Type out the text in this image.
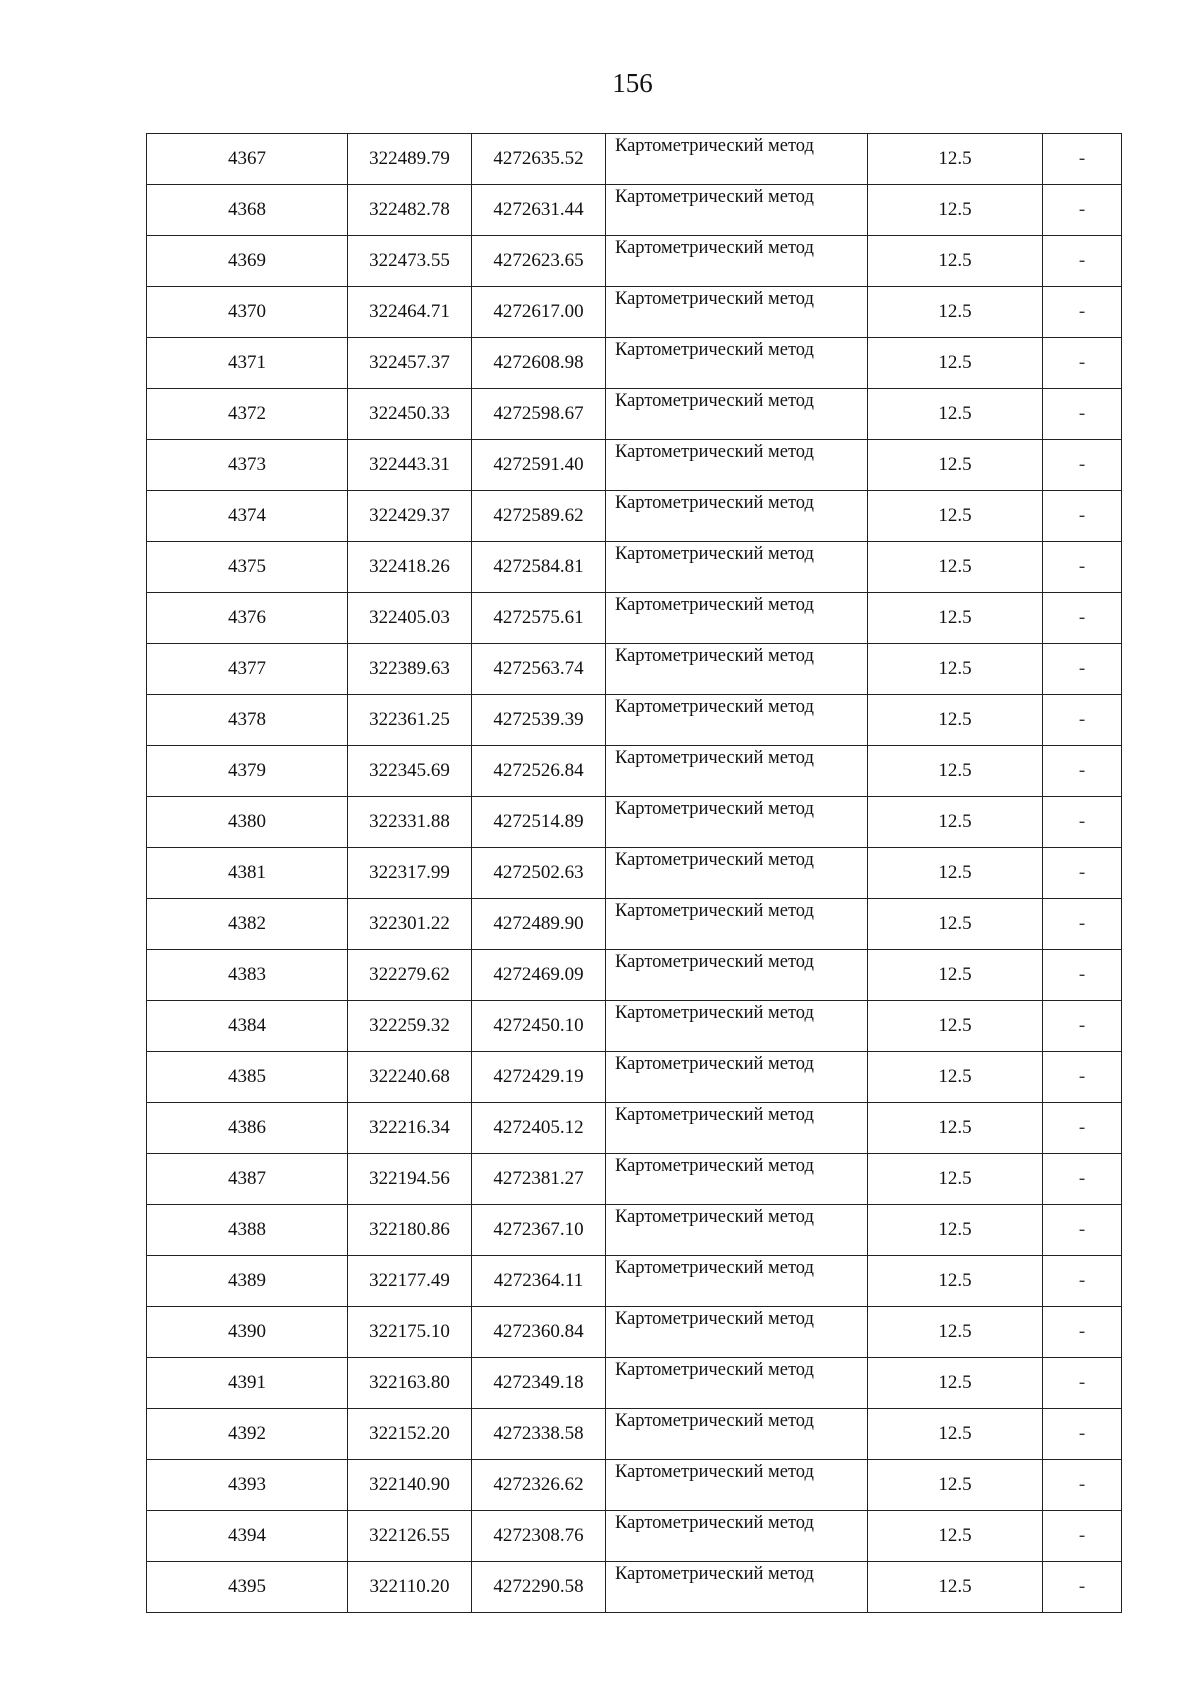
156
4367	322489.79	4272635.52	Картометрический метод	12.5	-
4368	322482.78	4272631.44	Картометрический метод	12.5	-
4369	322473.55	4272623.65	Картометрический метод	12.5	-
4370	322464.71	4272617.00	Картометрический метод	12.5	-
4371	322457.37	4272608.98	Картометрический метод	12.5	-
4372	322450.33	4272598.67	Картометрический метод	12.5	-
4373	322443.31	4272591.40	Картометрический метод	12.5	-
4374	322429.37	4272589.62	Картометрический метод	12.5	-
4375	322418.26	4272584.81	Картометрический метод	12.5	-
4376	322405.03	4272575.61	Картометрический метод	12.5	-
4377	322389.63	4272563.74	Картометрический метод	12.5	-
4378	322361.25	4272539.39	Картометрический метод	12.5	-
4379	322345.69	4272526.84	Картометрический метод	12.5	-
4380	322331.88	4272514.89	Картометрический метод	12.5	-
4381	322317.99	4272502.63	Картометрический метод	12.5	-
4382	322301.22	4272489.90	Картометрический метод	12.5	-
4383	322279.62	4272469.09	Картометрический метод	12.5	-
4384	322259.32	4272450.10	Картометрический метод	12.5	-
4385	322240.68	4272429.19	Картометрический метод	12.5	-
4386	322216.34	4272405.12	Картометрический метод	12.5	-
4387	322194.56	4272381.27	Картометрический метод	12.5	-
4388	322180.86	4272367.10	Картометрический метод	12.5	-
4389	322177.49	4272364.11	Картометрический метод	12.5	-
4390	322175.10	4272360.84	Картометрический метод	12.5	-
4391	322163.80	4272349.18	Картометрический метод	12.5	-
4392	322152.20	4272338.58	Картометрический метод	12.5	-
4393	322140.90	4272326.62	Картометрический метод	12.5	-
4394	322126.55	4272308.76	Картометрический метод	12.5	-
4395	322110.20	4272290.58	Картометрический метод	12.5	-
